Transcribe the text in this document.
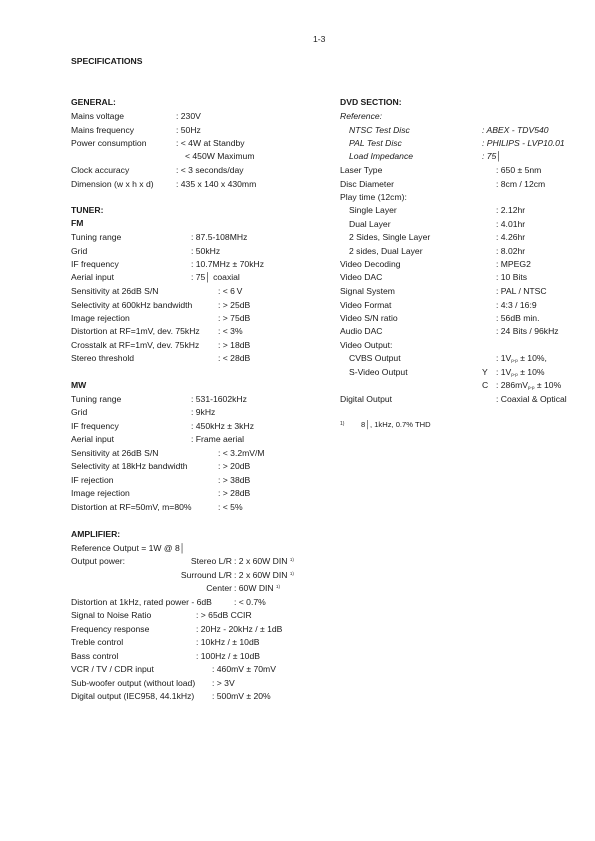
1-3
SPECIFICATIONS
GENERAL:
Mains voltage	: 230V
Mains frequency	: 50Hz
Power consumption	: < 4W at Standby
< 450W Maximum
Clock accuracy	: < 3 seconds/day
Dimension (w x h x d)	: 435 x 140 x 430mm
TUNER:
FM
Tuning range	: 87.5-108MHz
Grid	: 50kHz
IF frequency	: 10.7MHz ± 70kHz
Aerial input	: 75│ coaxial
Sensitivity at 26dB S/N	: < 6 V
Selectivity at 600kHz bandwidth	: > 25dB
Image rejection	: > 75dB
Distortion at RF=1mV, dev. 75kHz : < 3%
Crosstalk at RF=1mV, dev. 75kHz : > 18dB
Stereo threshold	: < 28dB
MW
Tuning range	: 531-1602kHz
Grid	: 9kHz
IF frequency	: 450kHz ± 3kHz
Aerial input	: Frame aerial
Sensitivity at 26dB S/N	: < 3.2mV/M
Selectivity at 18kHz bandwidth	: > 20dB
IF rejection	: > 38dB
Image rejection	: > 28dB
Distortion at RF=50mV, m=80%	: < 5%
AMPLIFIER:
Reference Output = 1W @ 8│
Output power:	Stereo L/R : 2 x 60W DIN $^{1)}$
Surround L/R : 2 x 60W DIN $^{1)}$
Center : 60W DIN $^{1)}$
Distortion at 1kHz, rated power - 6dB	: < 0.7%
Signal to Noise Ratio	: > 65dB CCIR
Frequency response	: 20Hz - 20kHz / ± 1dB
Treble control	: 10kHz / ± 10dB
Bass control	: 100Hz / ± 10dB
VCR / TV / CDR input	: 460mV ± 70mV
Sub-woofer output (without load) : > 3V
Digital output (IEC958, 44.1kHz) : 500mV ± 20%
DVD SECTION:
Reference:
NTSC Test Disc	: ABEX - TDV540
PAL Test Disc	: PHILIPS - LVP10.01
Load Impedance	: 75│
Laser Type	: 650 ± 5nm
Disc Diameter	: 8cm / 12cm
Play time (12cm):
Single Layer	: 2.12hr
Dual Layer	: 4.01hr
2 Sides, Single Layer	: 4.26hr
2 sides, Dual Layer	: 8.02hr
Video Decoding	: MPEG2
Video DAC	: 10 Bits
Signal System	: PAL / NTSC
Video Format	: 4:3 / 16:9
Video S/N ratio	: 56dB min.
Audio DAC	: 24 Bits / 96kHz
Video Output:
CVBS Output	: $1V_{p-p} \pm 10\%$,
S-Video Output	Y : $1V_{p-p} \pm 10\%$
C : $286mV_{p-p} \pm 10\%$
Digital Output	: Coaxial & Optical
1) 8│, 1kHz, 0.7% THD
